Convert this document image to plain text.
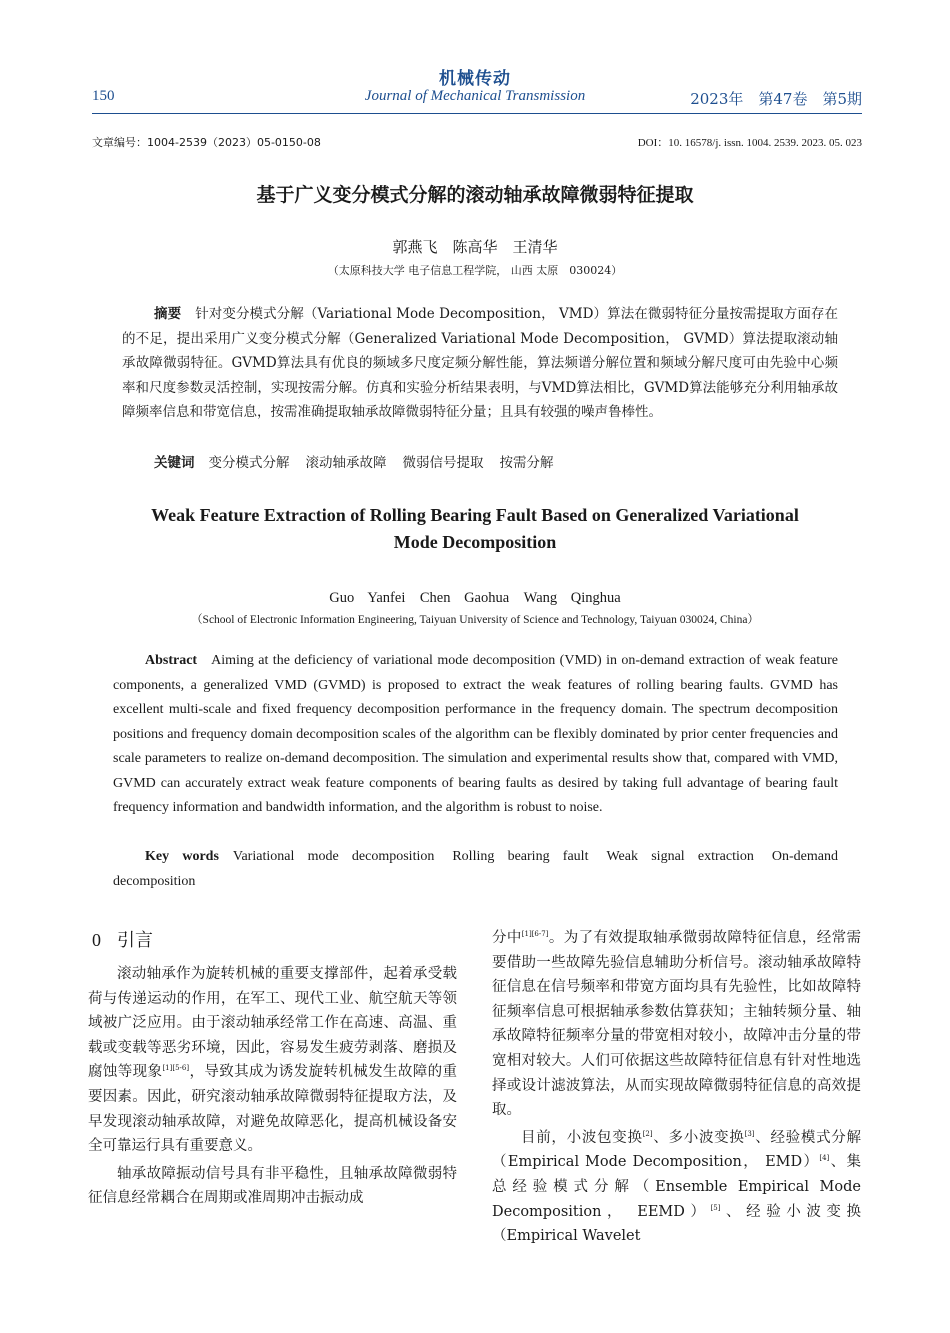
机械传动
150	Journal of Mechanical Transmission	2023年　第47卷　第5期
文章编号：1004-2539（2023）05-0150-08	DOI：10. 16578/j. issn. 1004. 2539. 2023. 05. 023
基于广义变分模式分解的滚动轴承故障微弱特征提取
郭燕飞　陈高华　王清华
（太原科技大学 电子信息工程学院， 山西 太原　030024）
摘要 针对变分模式分解（Variational Mode Decomposition， VMD）算法在微弱特征分量按需提取方面存在的不足，提出采用广义变分模式分解（Generalized Variational Mode Decomposition， GVMD）算法提取滚动轴承故障微弱特征。GVMD算法具有优良的频域多尺度定频分解性能，算法频谱分解位置和频域分解尺度可由先验中心频率和尺度参数灵活控制，实现按需分解。仿真和实验分析结果表明，与VMD算法相比，GVMD算法能够充分利用轴承故障频率信息和带宽信息，按需准确提取轴承故障微弱特征分量；且具有较强的噪声鲁棒性。
关键词 变分模式分解 滚动轴承故障 微弱信号提取 按需分解
Weak Feature Extraction of Rolling Bearing Fault Based on Generalized Variational Mode Decomposition
Guo Yanfei　Chen Gaohua　Wang Qinghua
（School of Electronic Information Engineering, Taiyuan University of Science and Technology, Taiyuan 030024, China）
Abstract Aiming at the deficiency of variational mode decomposition (VMD) in on-demand extraction of weak feature components, a generalized VMD (GVMD) is proposed to extract the weak features of rolling bearing faults. GVMD has excellent multi-scale and fixed frequency decomposition performance in the frequency domain. The spectrum decomposition positions and frequency domain decomposition scales of the algorithm can be flexibly dominated by prior center frequencies and scale parameters to realize on-demand decomposition. The simulation and experimental results show that, compared with VMD, GVMD can accurately extract weak feature components of bearing faults as desired by taking full advantage of bearing fault frequency information and bandwidth information, and the algorithm is robust to noise.
Key words Variational mode decomposition Rolling bearing fault Weak signal extraction On-demand decomposition
0 引言

滚动轴承作为旋转机械的重要支撑部件，起着承受载荷与传递运动的作用，在军工、现代工业、航空航天等领域被广泛应用。由于滚动轴承经常工作在高速、高温、重载或变载等恶劣环境，因此，容易发生疲劳剥落、磨损及腐蚀等现象[1][5-6]，导致其成为诱发旋转机械发生故障的重要因素。因此，研究滚动轴承故障微弱特征提取方法，及早发现滚动轴承故障，对避免故障恶化，提高机械设备安全可靠运行具有重要意义。

轴承故障振动信号具有非平稳性，且轴承故障微弱特征信息经常耦合在周期或准周期冲击振动成

分中[1][6-7]。为了有效提取轴承微弱故障特征信息，经常需要借助一些故障先验信息辅助分析信号。滚动轴承故障特征信息在信号频率和带宽方面均具有先验性，比如故障特征频率信息可根据轴承参数估算获知；主轴转频分量、轴承故障特征频率分量的带宽相对较小，故障冲击分量的带宽相对较大。人们可依据这些故障特征信息有针对性地选择或设计滤波算法，从而实现故障微弱特征信息的高效提取。

目前，小波包变换[2]、多小波变换[3]、经验模式分解（Empirical Mode Decomposition， EMD）[4]、集总经验模式分解（Ensemble Empirical Mode Decomposition， EEMD）[5]、经验小波变换（Empirical Wavelet
